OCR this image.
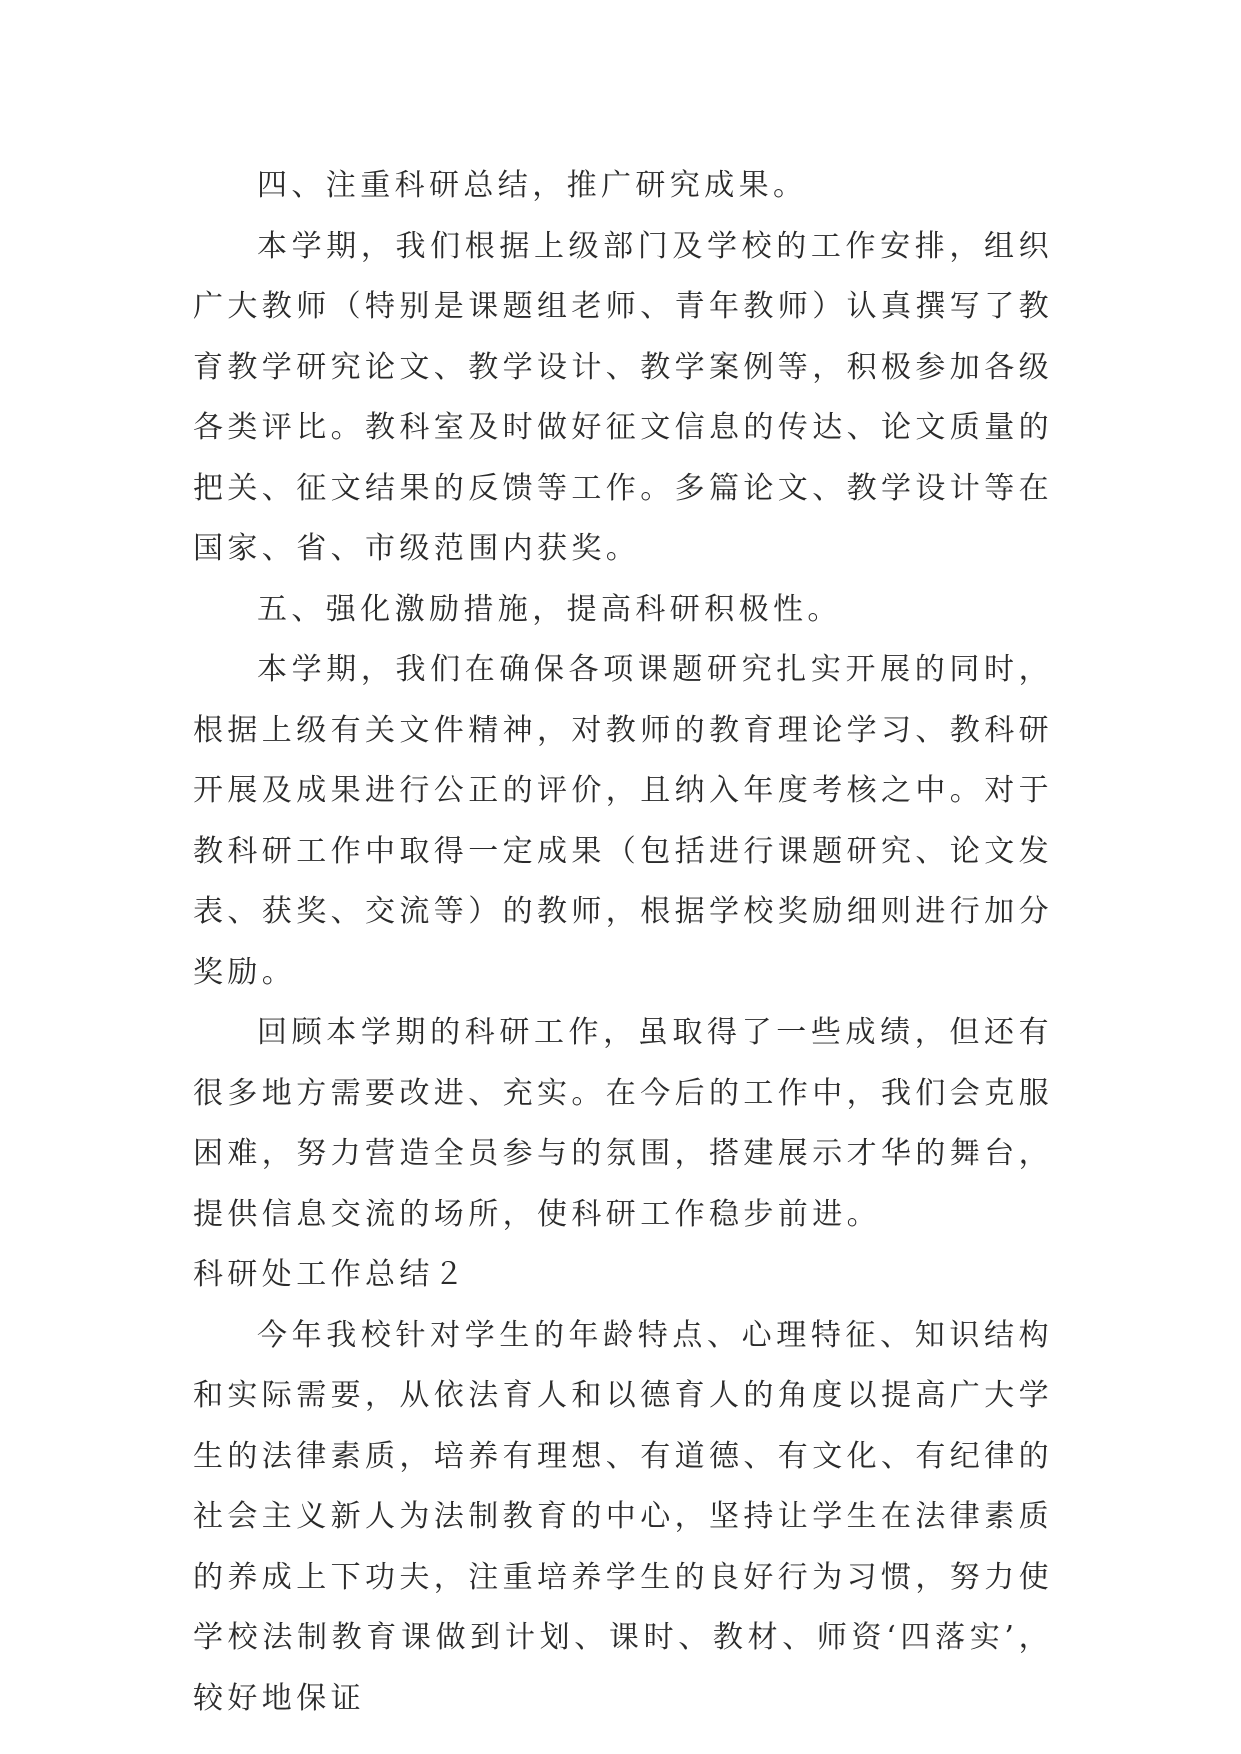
四、注重科研总结，推广研究成果。

本学期，我们根据上级部门及学校的工作安排，组织广大教师（特别是课题组老师、青年教师）认真撰写了教育教学研究论文、教学设计、教学案例等，积极参加各级各类评比。教科室及时做好征文信息的传达、论文质量的把关、征文结果的反馈等工作。多篇论文、教学设计等在国家、省、市级范围内获奖。

五、强化激励措施，提高科研积极性。

本学期，我们在确保各项课题研究扎实开展的同时，根据上级有关文件精神，对教师的教育理论学习、教科研开展及成果进行公正的评价，且纳入年度考核之中。对于教科研工作中取得一定成果（包括进行课题研究、论文发表、获奖、交流等）的教师，根据学校奖励细则进行加分奖励。

回顾本学期的科研工作，虽取得了一些成绩，但还有很多地方需要改进、充实。在今后的工作中，我们会克服困难，努力营造全员参与的氛围，搭建展示才华的舞台，提供信息交流的场所，使科研工作稳步前进。

科研处工作总结２

今年我校针对学生的年龄特点、心理特征、知识结构和实际需要，从依法育人和以德育人的角度以提高广大学生的法律素质，培养有理想、有道德、有文化、有纪律的社会主义新人为法制教育的中心，坚持让学生在法律素质的养成上下功夫，注重培养学生的良好行为习惯，努力使学校法制教育课做到计划、课时、教材、师资‘四落实’，较好地保证
